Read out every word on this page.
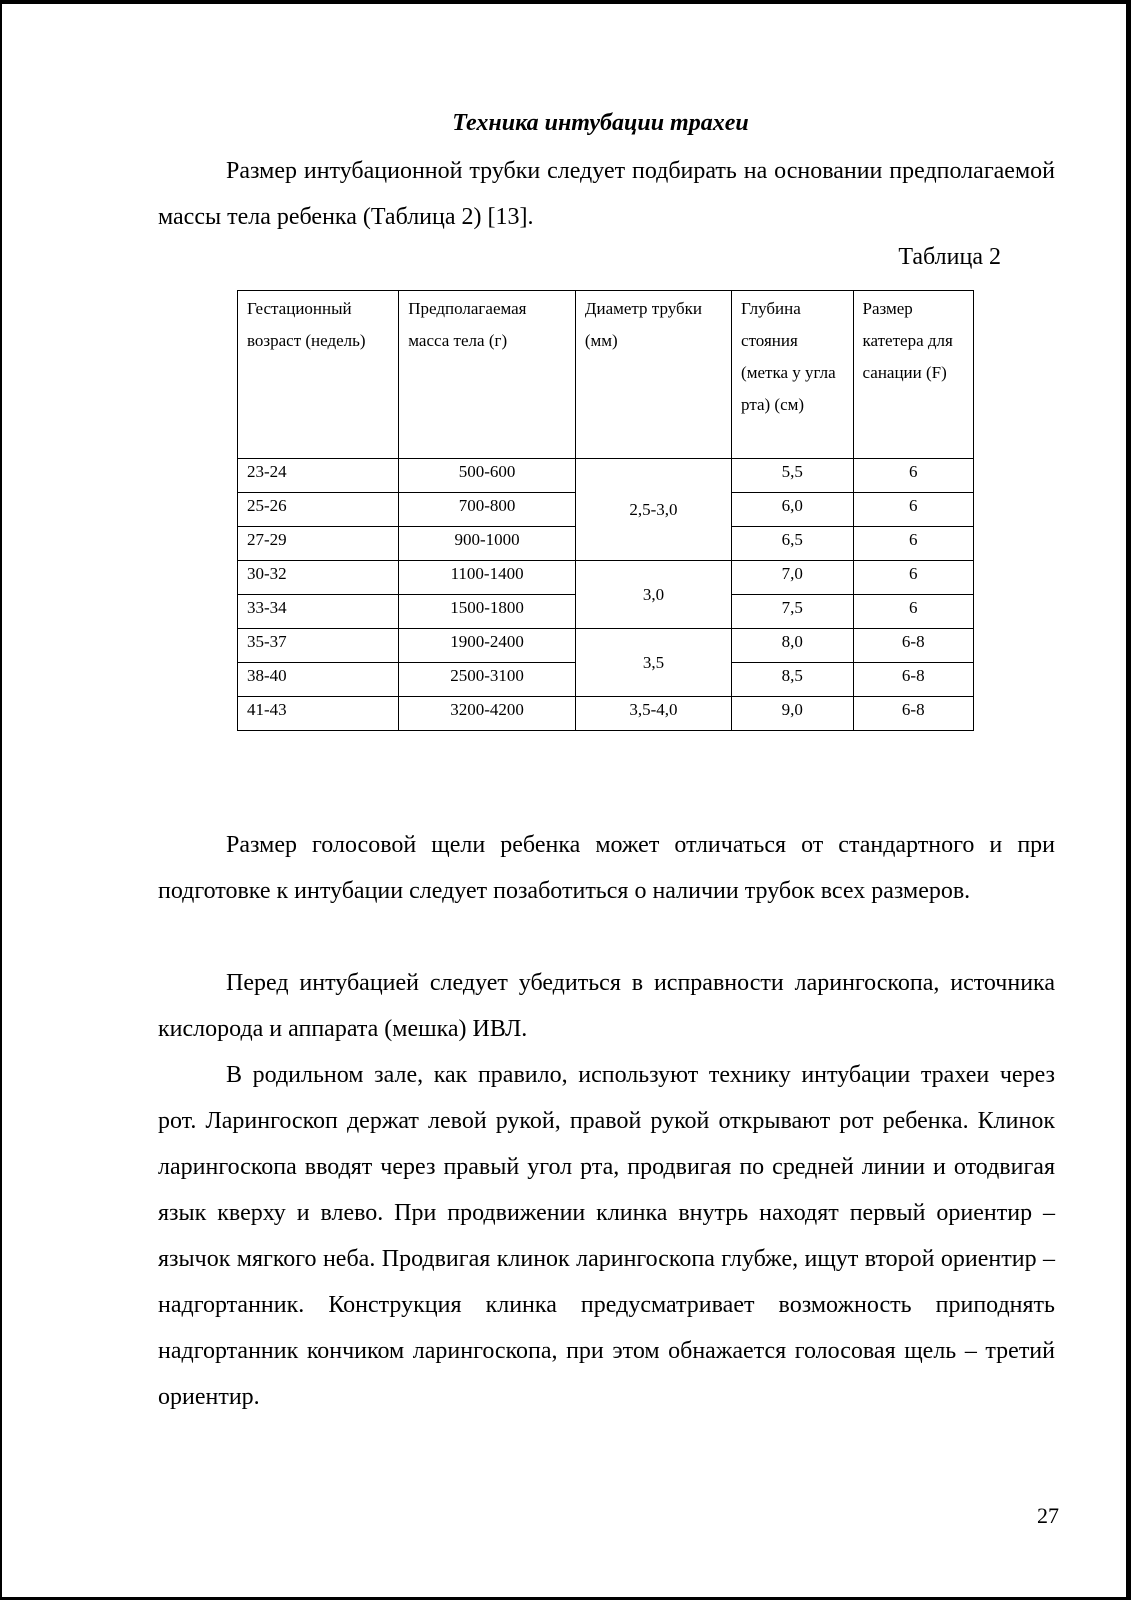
Техника интубации трахеи
Размер интубационной трубки следует подбирать на основании предполагаемой массы тела ребенка (Таблица 2) [13].
Таблица 2
Гестационный возраст (недель)	Предполагаемая масса тела (г)	Диаметр трубки (мм)	Глубина стояния (метка у угла рта) (см)	Размер катетера для санации (F)
23-24	500-600	2,5-3,0	5,5	6
25-26	700-800		6,0	6
27-29	900-1000		6,5	6
30-32	1100-1400	3,0	7,0	6
33-34	1500-1800		7,5	6
35-37	1900-2400	3,5	8,0	6-8
38-40	2500-3100		8,5	6-8
41-43	3200-4200	3,5-4,0	9,0	6-8
Размер голосовой щели ребенка может отличаться от стандартного и при подготовке к интубации следует позаботиться о наличии трубок всех размеров.
Перед интубацией следует убедиться в исправности ларингоскопа, источника кислорода и аппарата (мешка) ИВЛ.
В родильном зале, как правило, используют технику интубации трахеи через рот. Ларингоскоп держат левой рукой, правой рукой открывают рот ребенка. Клинок ларингоскопа вводят через правый угол рта, продвигая по средней линии и отодвигая язык кверху и влево. При продвижении клинка внутрь находят первый ориентир – язычок мягкого неба. Продвигая клинок ларингоскопа глубже, ищут второй ориентир – надгортанник. Конструкция клинка предусматривает возможность приподнять надгортанник кончиком ларингоскопа, при этом обнажается голосовая щель – третий ориентир.
27
